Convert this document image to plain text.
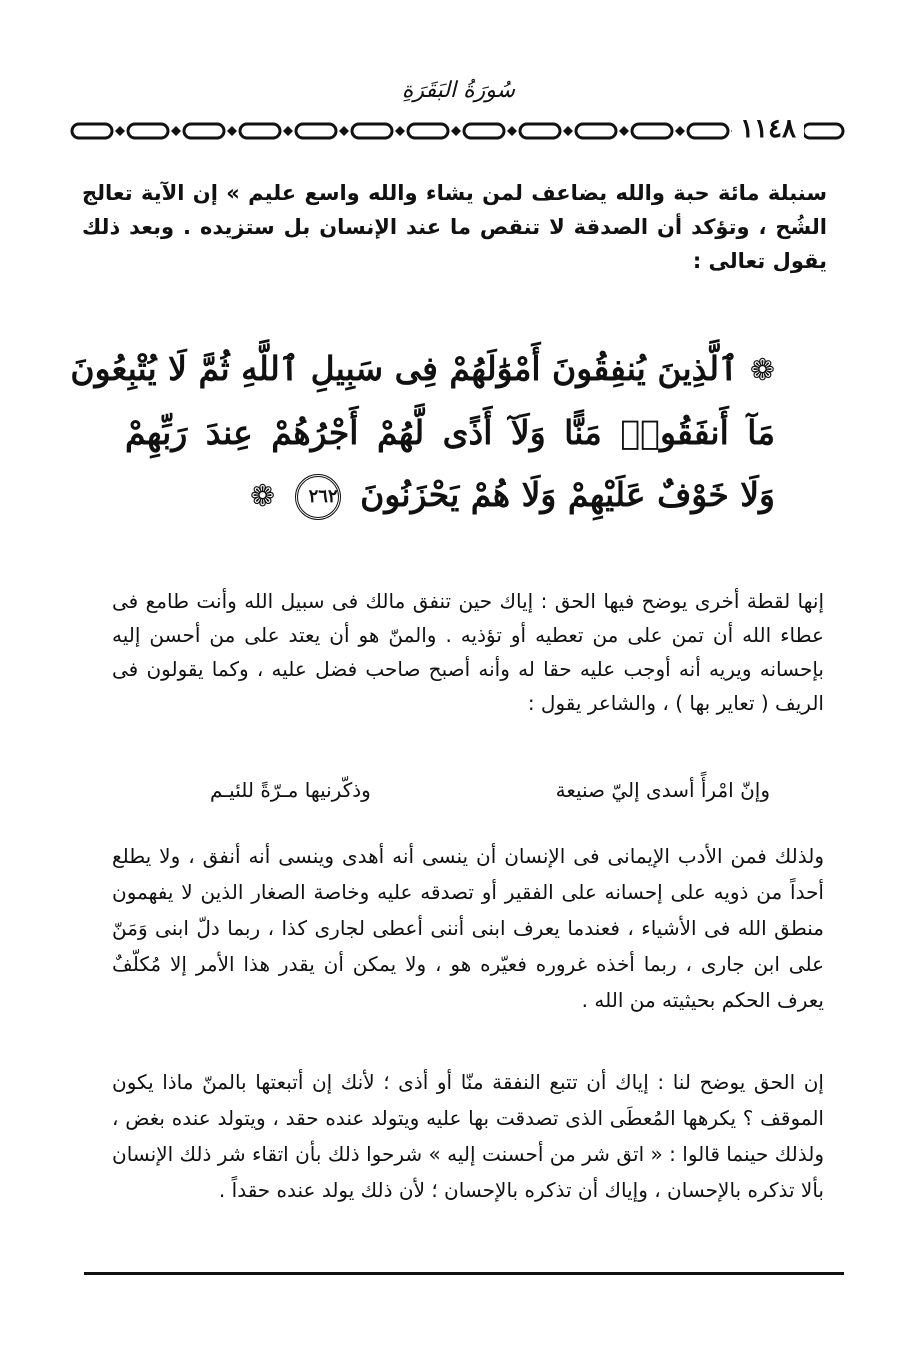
سُورَةُ البَقَرَةِ
١١٤٨
سنبلة مائة حبة والله يضاعف لمن يشاء والله واسع عليم » إن الآية تعالج الشُح ، وتؤكد أن الصدقة لا تنقص ما عند الإنسان بل ستزيده . وبعد ذلك يقول تعالى :
❁ ٱلَّذِينَ يُنفِقُونَ أَمْوَٰلَهُمْ فِى سَبِيلِ ٱللَّهِ ثُمَّ لَا يُتْبِعُونَ
مَآ أَنفَقُوا۟ مَنًّا وَلَآ أَذًى لَّهُمْ أَجْرُهُمْ عِندَ رَبِّهِمْ
وَلَا خَوْفٌ عَلَيْهِمْ وَلَا هُمْ يَحْزَنُونَ ٢٦٢ ❁
إنها لقطة أخرى يوضح فيها الحق : إياك حين تنفق مالك فى سبيل الله وأنت طامع فى عطاء الله أن تمن على من تعطيه أو تؤذيه . والمنّ هو أن يعتد على من أحسن إليه بإحسانه ويريه أنه أوجب عليه حقا له وأنه أصبح صاحب فضل عليه ، وكما يقولون فى الريف ( تعاير بها ) ، والشاعر يقول :
وإنّ امْرأً أسدى إليّ صنيعة
وذكّرنيها مـرّةً للئيـم
ولذلك فمن الأدب الإيمانى فى الإنسان أن ينسى أنه أهدى وينسى أنه أنفق ، ولا يطلع أحداً من ذويه على إحسانه على الفقير أو تصدقه عليه وخاصة الصغار الذين لا يفهمون منطق الله فى الأشياء ، فعندما يعرف ابنى أننى أعطى لجارى كذا ، ربما دلّ ابنى وَمَنّ على ابن جارى ، ربما أخذه غروره فعيّره هو ، ولا يمكن أن يقدر هذا الأمر إلا مُكلّفٌ يعرف الحكم بحيثيته من الله .
إن الحق يوضح لنا : إياك أن تتبع النفقة منّا أو أذى ؛ لأنك إن أتبعتها بالمنّ ماذا يكون الموقف ؟ يكرهها المُعطَى الذى تصدقت بها عليه ويتولد عنده حقد ، ويتولد عنده بغض ، ولذلك حينما قالوا : « اتق شر من أحسنت إليه » شرحوا ذلك بأن اتقاء شر ذلك الإنسان بألا تذكره بالإحسان ، وإياك أن تذكره بالإحسان ؛ لأن ذلك يولد عنده حقداً .
